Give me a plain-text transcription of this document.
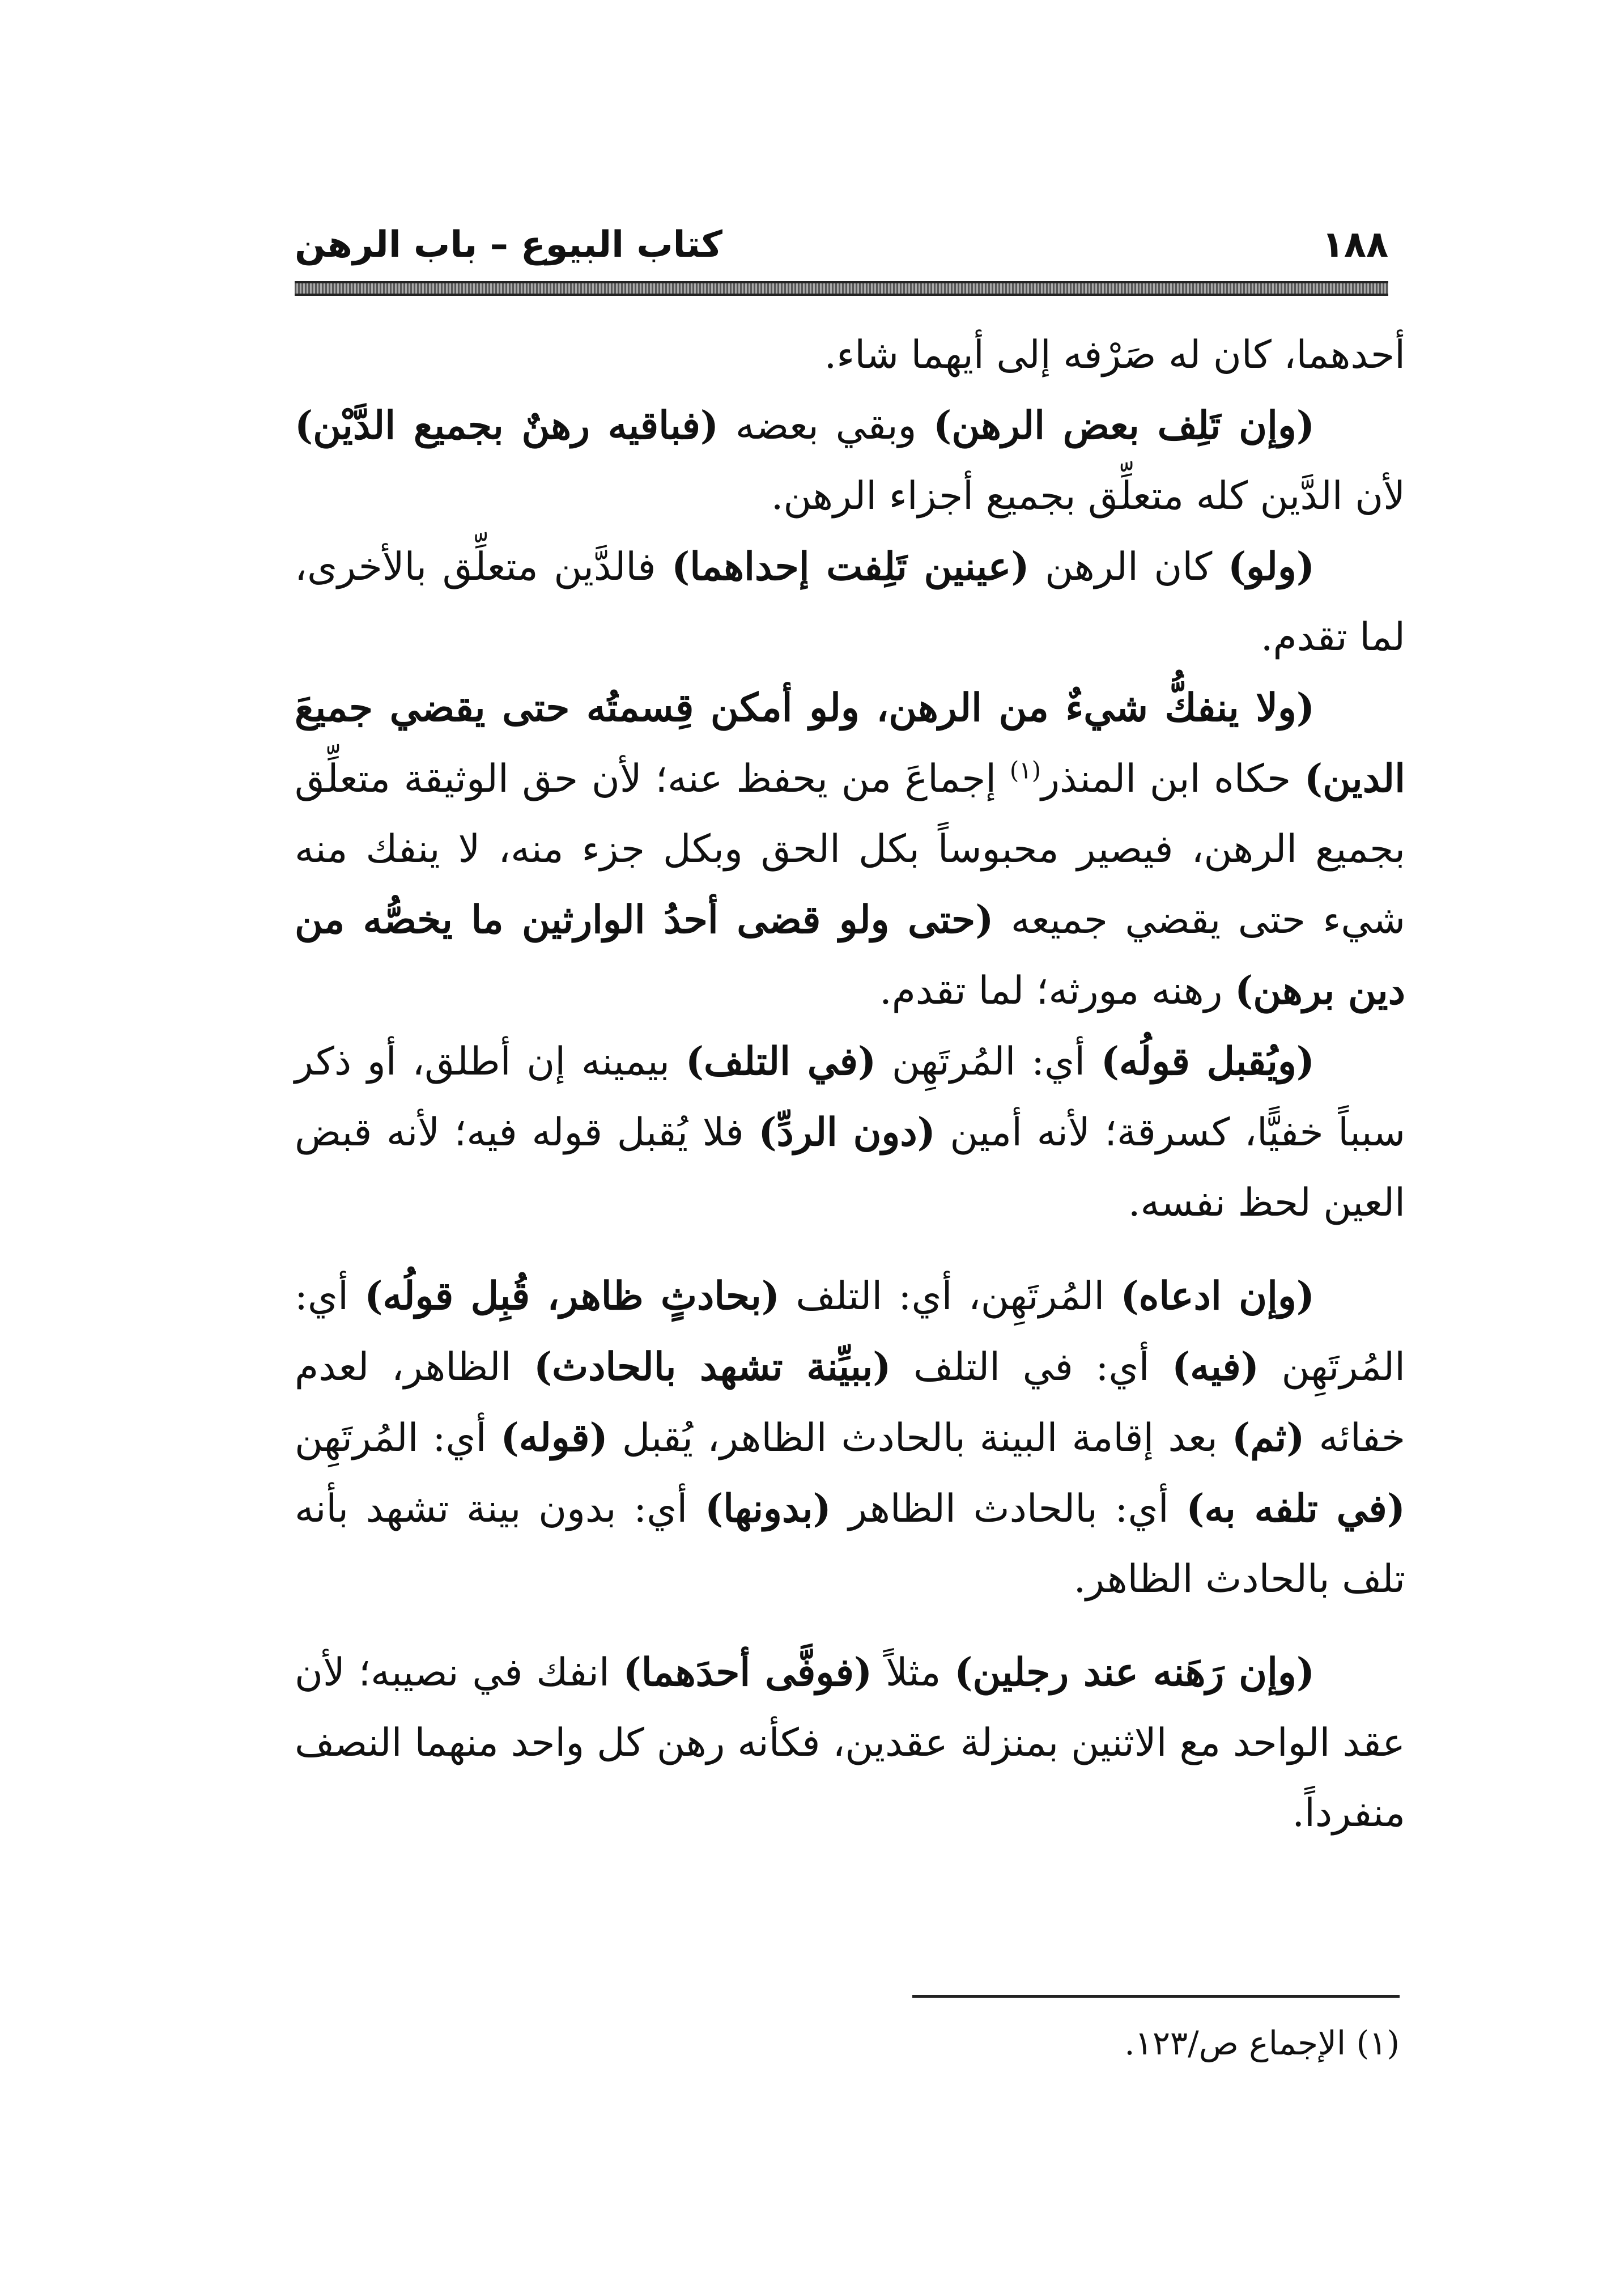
كتاب البيوع – باب الرهن	١٨٨

أحدهما، كان له صَرْفه إلى أيهما شاء.

(وإن تَلِف بعض الرهن) وبقي بعضه (فباقيه رهنٌ بجميع الدَّيْن) لأن الدَّين كله متعلِّق بجميع أجزاء الرهن.

(ولو) كان الرهن (عينين تَلِفت إحداهما) فالدَّين متعلِّق بالأخرى، لما تقدم.

(ولا ينفكُّ شيءٌ من الرهن، ولو أمكن قِسمتُه حتى يقضي جميعَ الدين) حكاه ابن المنذر$^{(١)}$ إجماعَ من يحفظ عنه؛ لأن حق الوثيقة متعلِّق بجميع الرهن، فيصير محبوساً بكل الحق وبكل جزء منه، لا ينفك منه شيء حتى يقضي جميعه (حتى ولو قضى أحدُ الوارثين ما يخصُّه من دين برهن) رهنه مورثه؛ لما تقدم.

(ويُقبل قولُه) أي: المُرتَهِن (في التلف) بيمينه إن أطلق، أو ذكر سبباً خفيًّا، كسرقة؛ لأنه أمين (دون الردِّ) فلا يُقبل قوله فيه؛ لأنه قبض العين لحظ نفسه.

(وإن ادعاه) المُرتَهِن، أي: التلف (بحادثٍ ظاهر، قُبِل قولُه) أي: المُرتَهِن (فيه) أي: في التلف (ببيِّنة تشهد بالحادث) الظاهر، لعدم خفائه (ثم) بعد إقامة البينة بالحادث الظاهر، يُقبل (قوله) أي: المُرتَهِن (في تلفه به) أي: بالحادث الظاهر (بدونها) أي: بدون بينة تشهد بأنه تلف بالحادث الظاهر.

(وإن رَهَنه عند رجلين) مثلاً (فوفَّى أحدَهما) انفك في نصيبه؛ لأن عقد الواحد مع الاثنين بمنزلة عقدين، فكأنه رهن كل واحد منهما النصف منفرداً.

(١) الإجماع ص/١٢٣.
